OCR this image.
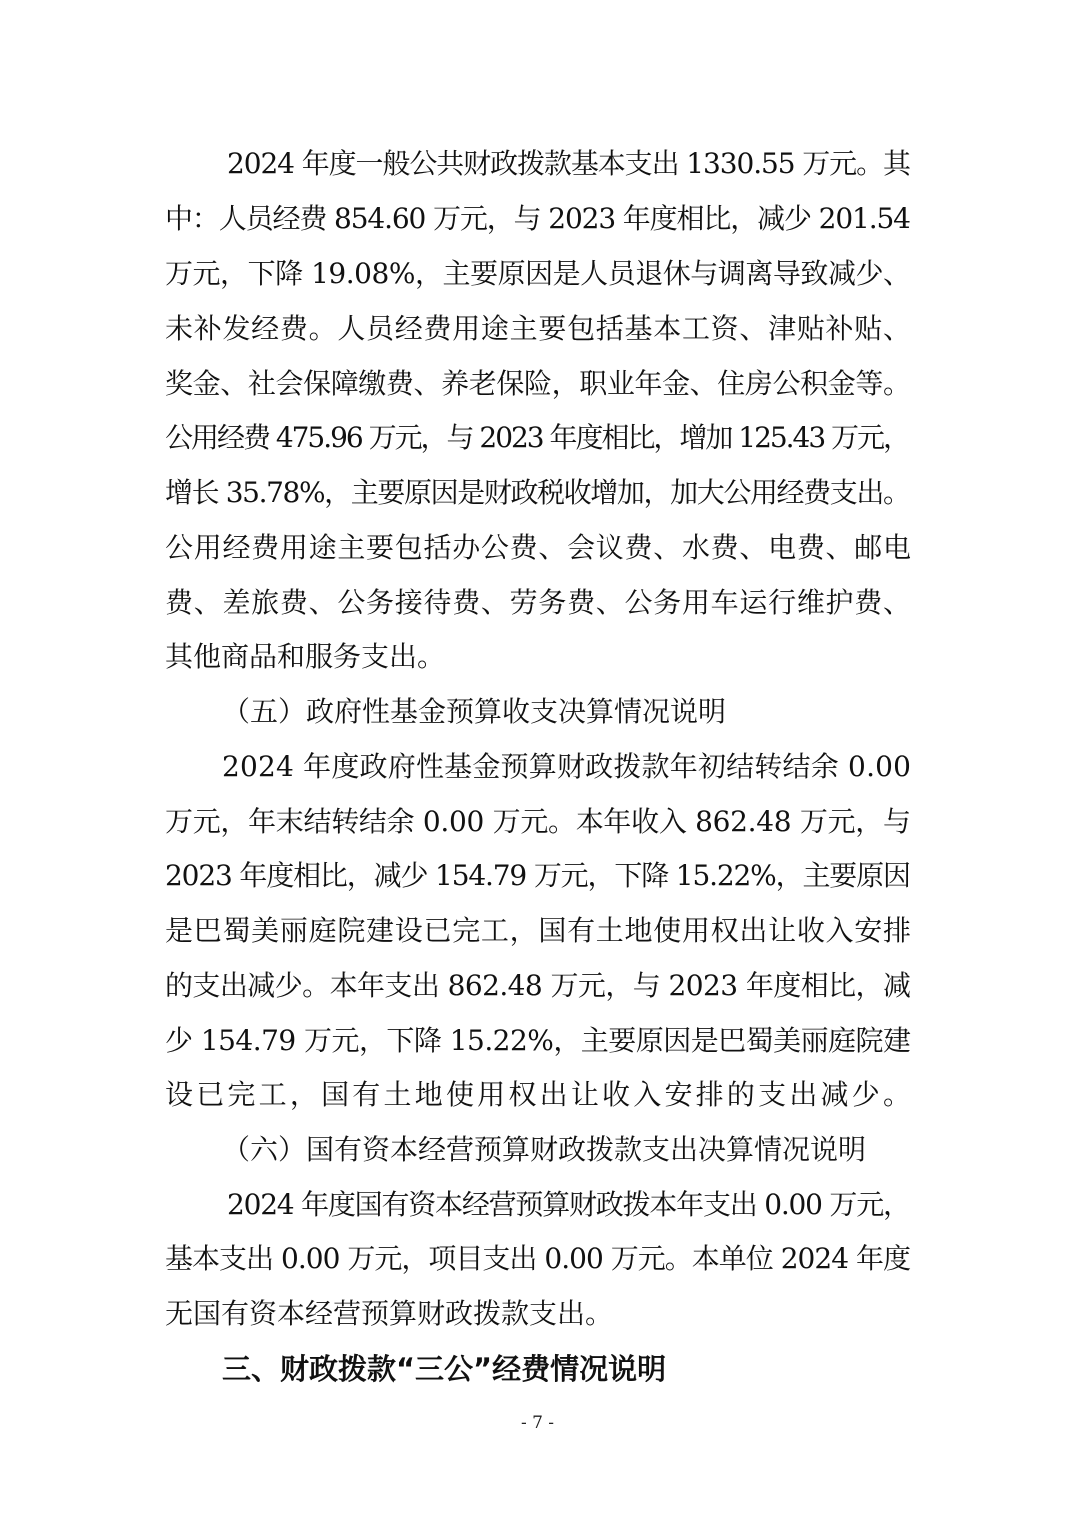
2024 年度一般公共财政拨款基本支出 1330.55 万元。其
中：人员经费 854.60 万元，与 2023 年度相比，减少 201.54
万元，下降 19.08%，主要原因是人员退休与调离导致减少、
未补发经费。人员经费用途主要包括基本工资、津贴补贴、
奖金、社会保障缴费、养老保险，职业年金、住房公积金等。
公用经费 475.96 万元，与 2023 年度相比，增加 125.43 万元，
增长 35.78%，主要原因是财政税收增加，加大公用经费支出。
公用经费用途主要包括办公费、会议费、水费、电费、邮电
费、差旅费、公务接待费、劳务费、公务用车运行维护费、
其他商品和服务支出。
（五）政府性基金预算收支决算情况说明
2024 年度政府性基金预算财政拨款年初结转结余 0.00
万元，年末结转结余 0.00 万元。本年收入 862.48 万元，与
2023 年度相比，减少 154.79 万元，下降 15.22%，主要原因
是巴蜀美丽庭院建设已完工，国有土地使用权出让收入安排
的支出减少。本年支出 862.48 万元，与 2023 年度相比，减
少 154.79 万元，下降 15.22%，主要原因是巴蜀美丽庭院建
设已完工，国有土地使用权出让收入安排的支出减少。
（六）国有资本经营预算财政拨款支出决算情况说明
2024 年度国有资本经营预算财政拨本年支出 0.00 万元，
基本支出 0.00 万元，项目支出 0.00 万元。本单位 2024 年度
无国有资本经营预算财政拨款支出。
三、财政拨款“三公”经费情况说明
- 7 -
